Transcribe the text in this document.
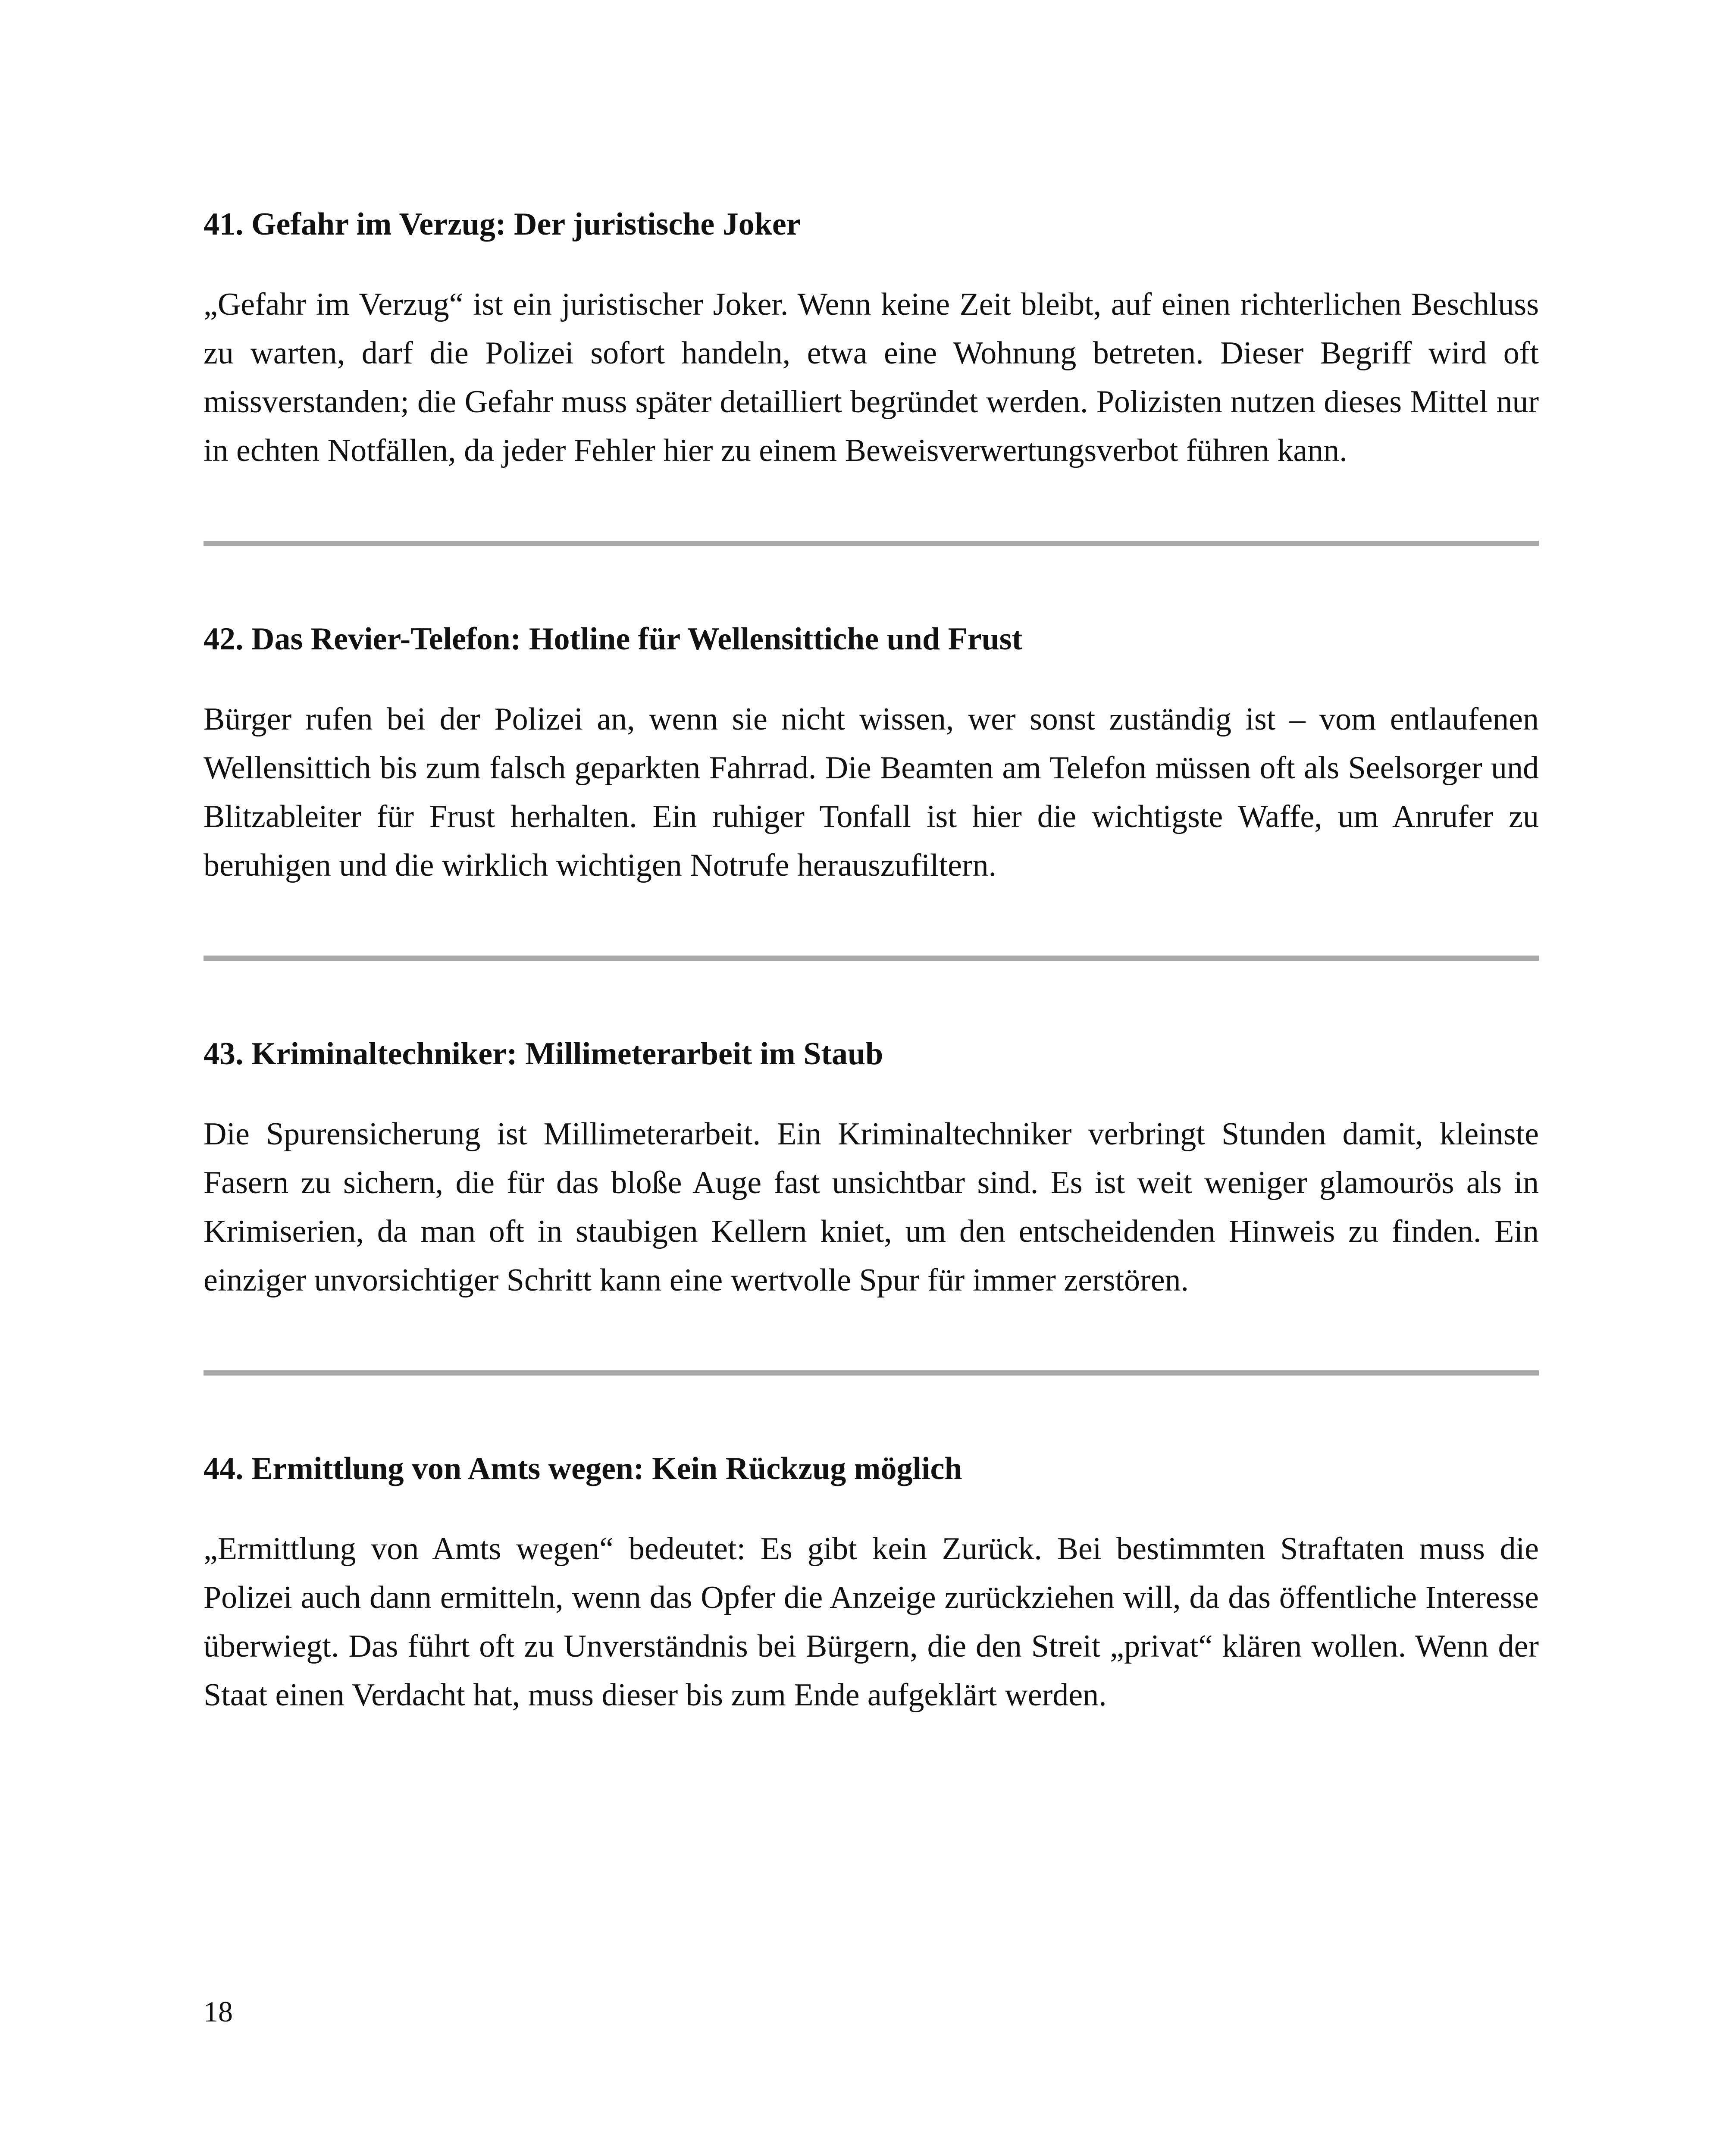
41. Gefahr im Verzug: Der juristische Joker

„Gefahr im Verzug“ ist ein juristischer Joker. Wenn keine Zeit bleibt, auf einen richterlichen Beschluss zu warten, darf die Polizei sofort handeln, etwa eine Wohnung betreten. Dieser Begriff wird oft missverstanden; die Gefahr muss später detailliert begründet werden. Polizisten nutzen dieses Mittel nur in echten Notfällen, da jeder Fehler hier zu einem Beweisverwertungsverbot führen kann.

42. Das Revier-Telefon: Hotline für Wellensittiche und Frust

Bürger rufen bei der Polizei an, wenn sie nicht wissen, wer sonst zuständig ist – vom entlaufenen Wellensittich bis zum falsch geparkten Fahrrad. Die Beamten am Telefon müssen oft als Seelsorger und Blitzableiter für Frust herhalten. Ein ruhiger Tonfall ist hier die wichtigste Waffe, um Anrufer zu beruhigen und die wirklich wichtigen Notrufe herauszufiltern.

43. Kriminaltechniker: Millimeterarbeit im Staub

Die Spurensicherung ist Millimeterarbeit. Ein Kriminaltechniker verbringt Stunden damit, kleinste Fasern zu sichern, die für das bloße Auge fast unsichtbar sind. Es ist weit weniger glamourös als in Krimiserien, da man oft in staubigen Kellern kniet, um den entscheidenden Hinweis zu finden. Ein einziger unvorsichtiger Schritt kann eine wertvolle Spur für immer zerstören.

44. Ermittlung von Amts wegen: Kein Rückzug möglich

„Ermittlung von Amts wegen“ bedeutet: Es gibt kein Zurück. Bei bestimmten Straftaten muss die Polizei auch dann ermitteln, wenn das Opfer die Anzeige zurückziehen will, da das öffentliche Interesse überwiegt. Das führt oft zu Unverständnis bei Bürgern, die den Streit „privat“ klären wollen. Wenn der Staat einen Verdacht hat, muss dieser bis zum Ende aufgeklärt werden.

18
